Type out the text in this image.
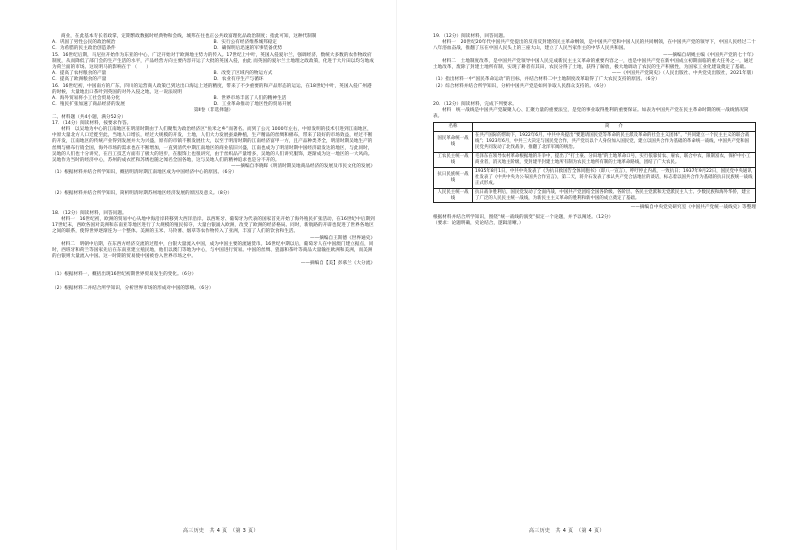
商业，在此基本专长者政掌，定期繁政数据时经典物和会线，城邦在往也正公共政富理化品政治制度；指此可知，这种代制制

A．巩固了男性公民的政治统治	B．实行公有经济维系城邦稳定
C．为希腊的民主政治创造条件	D．确保明后迅速的军事装备优势

15．16世纪后期，马尼拉开始作为东亚的中心，广泛开始对于欧洲地主势力的传入。17世纪上中叶，英国入侵爱尔兰，强调经济，数统大多数的农作物政府制度，从而降低了部门会的生产生活的水平，产品经营方向主要内容开运了大批的英国入侵，由此 而英国的爱尔兰土地理之政政策，化进于大片田以均匀地成为荷兰面的市场。这说明马的影响在于 （　　）

A．提高了农村粮食的产量	B．改变了区域内的物运方式
C．提高了欧洲粮食的产量	D．农业有序生产与循环

16．16世纪初，中国南方的广东、四川的运营商人政策已到达出口海运上述的精度，带来了不少重要的和产品形态的运运，在18世纪中叶，英国入侵广州港的时候，大量地出口茶叶到英国的对外入侵之地，这一说法说明

A．海外贸易将小工社会贸易分化	B．世界市场丰富了人们的精神生活
C．殖民扩张加速了商品经济的发展	D．工业革命推动了地区性的贸易开展

第Ⅱ卷（非选择题）

二、材料题（共4小题，满分52分）

17．（14分）阅读材料，按要求作答。

材料　以吴地为中心的江南地区在明清时期由于人们聚集为政治经济区“鱼米之乡”而著名。而到了公元 1000年左右，中原发明的技术引进到江南地区，中原大量北方人口迁徙至此，当地人口增长，经过大规模的开发，土地，人们大力发展蚕桑种植，生产精品的丝绸和棉布，带来了较好的市场效益，经过不断的开发，江南地区的传统产业得到发展并大为兴盛，原有的市镇不断发展壮大，以至于明清时期的江南经济富甲一方，且产品种类齐全，明清时期吴地生产的丝绸与棉布行销全国，海外市场的需求也在不断增加，一直到清代中期江南地区的商业依旧兴盛，江南也成为了明清时期中国经济最发达的地区，与此同时，吴地的人们也十分讲究，在百工技艺方面有了极大的进步，在服饰上也很讲究，由于丝织品产量增多，吴地的人们讲究服饰，逐渐成为这一地区的一大风尚。吴地作为当时的经济中心，苏州的成衣匠和苏绣也随之闻名全国各地，这与吴地人们的精神追求也是分不开的。

——摘编自李晓晖《明清时期吴地商品经济的发展及市民文化的发展》

（1）根据材料并结合所学知识，概括明清时期江南地区成为中国经济中心的原因。（6分）

（2）根据材料并结合所学知识，简析明清时期苏州地区经济发展的原因及意义。（8分）

18．（12分）阅读材料，回答问题。

材料一　16世纪初，欧洲的贸易中心从地中海沿岸转移到大西洋沿岸。以西班牙、葡萄牙为代表的国家首先开始了海外殖民扩张活动，在16世纪中后期到17世纪末，西欧各国对美洲和东南亚等地区进行了大规模的殖民掠夺，大量白银涌入欧洲，改变了欧洲的经济格局。同时，新航路的开辟也促进了世界各地区之间的联系，使得世界逐渐连为一个整体。美洲的玉米、马铃薯、烟草等农作物传入了亚洲，丰富了人们的饮食和生活。

——摘编自王斯德《世界通史》

材料二　明朝中后期，在东西方经济交流的过程中，白银大量流入中国，成为中国主要的流通货币。16世纪中期以后，葡萄牙人在中国澳门建立据点，同时，西班牙和荷兰等国家先后在东南亚建立殖民地，他们以澳门等地为中心，与中国进行贸易。中国的丝绸、瓷器和茶叶等商品大量输往欧洲和美洲，而美洲的白银则大量流入中国。这一时期的贸易使中国被卷入世界市场之中。

——摘编自【美】彭慕兰《大分流》

（1）根据材料一，概括出现16世纪初期世界贸易发生的变化。（6分）

（2）根据材料二并结合所学知识，分析世界市场的形成对中国的影响。（6分）

19．（12分）阅读材料，回答问题。

材料一　20世纪20年代中国共产党提出的反帝反封建的民主革命纲领，是中国共产党和中国人民的共同纲领，在中国共产党的领导下，中国人民经过二十八年浴血奋战，推翻了压在中国人民头上的三座大山，建立了人民当家作主的中华人民共和国。

——摘编自胡绳主编《中国共产党的七十年》

材料二　土地制度改革，是中国共产党领导中国人民完成新民主主义革命的重要内容之一，也是中国共产党在新中国成立初期面临的重大任务之一，通过土地改革，废除了封建土地所有制，实现了耕者有其田，农民分得了土地，获得了解放，极大地调动了农民的生产积极性，为国家工业化建设奠定了基础。

——《中国共产党简史》（人民出版社、中共党史出版社，2021年版）

（1）指出材料一中“国民革命运动”的目标，并结合材料二中土地制度改革取得了广大农民支持的原因。（6分）

（2）综合材料并结合所学知识，分析中国共产党是如何争取人民群众支持的。（6分）

20．（12分）阅读材料，完成下列要求。

材料　统一战线是中国共产党凝聚人心、汇聚力量的重要法宝，是党的事业取得胜利的重要保证。如表为中国共产党在民主革命时期的统一战线情况简表。

名称	简　　介
国民革命统一战线	在共产国际的帮助下，1922年6月，中共中央提出“要邀请国民党等革命的民主派及革命的社会主义团体”，“共同建立一个民主主义的联合战线”；1923年6月，中共三大决定与国民党合作，共产党员以个人身份加入国民党，建立以国共合作为基础的革命统一战线，中国共产党和国民党共同发动了北伐战争，推翻了北洋军阀的统治。
工农民主统一战线	毛泽东在领导农村革命根据地的斗争中，提出了“打土豪、分田地”的土地革命口号，实行依靠贫农、雇农，联合中农，限制富农，保护中小工商业者，消灭地主阶级，变封建半封建土地所有制为农民土地所有制的土地革命路线，团结了广大农民。
抗日民族统一战线	1935年8月1日，中共中央发表了《为抗日救国告全体同胞书》（即八一宣言），呼吁停止内战，一致抗日；1937年9月22日，国民党中央通讯社发表了《中共中央为公布国共合作宣言》，第二天，蒋介石发表了承认共产党合法地位的谈话，标志着以国共合作为基础的抗日民族统一战线正式形成。
人民民主统一战线	抗日战争胜利后，国民党发动了全面内战，中国共产党团结全国各阶级、各阶层、各民主党派和无党派民主人士、少数民族和海外华侨，建立了广泛的人民民主统一战线，为新民主主义革命的胜利和新中国的成立奠定了基础。

——摘编自中央党史研究室《中国共产党统一战线史》等整理

根据材料并结合所学知识，围绕“统一战线的演变”拟定一个论题，并予以阐述。（12分）

（要求：论题明确，史论结合，逻辑清晰。）

高三历史　共 4 页　（第 3 页）	高三历史　共 4 页　（第 4 页）
